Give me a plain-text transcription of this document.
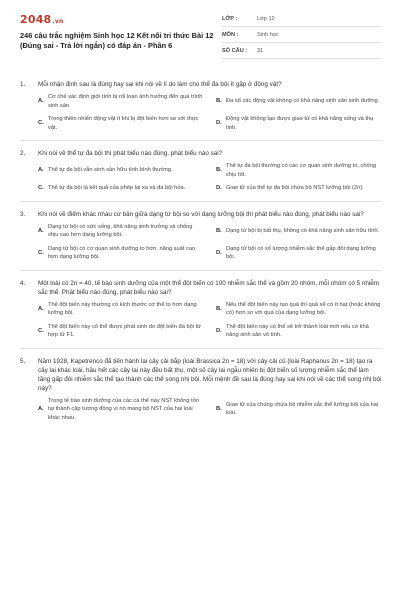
2048.vn
246 câu trắc nghiệm Sinh học 12 Kết nối tri thức Bài 12 (Đúng sai - Trả lời ngắn) có đáp án - Phần 6
LỚP :	Lớp 12
MÔN :	Sinh học
SỐ CÂU :	31
1.	Mỗi nhận định sau là đúng hay sai khi nói về lí do làm cho thể đa bội ít gặp ở động vật?
A.
Cơ chế xác định giới tính bị rối loạn ảnh hưởng đến quá trình sinh sản.
B. Đa số các động vật không có khả năng sinh sản sinh dưỡng.
C.
Trong thiên nhiên động vật ít khi bị đột biến hơn so với thực vật.
D.
Động vật không tạo được giao tử có khả năng sống và thụ tinh.
2.	Khi nói về thể tự đa bội thì phát biểu nào đúng, phát biểu nào sai?
A. Thể tự đa bội vẫn sinh sản hữu tính bình thường.	B.
Thể tự đa bội thường có các cơ quan sinh dưỡng to, chống chịu tốt.
C. Thể tự đa bội là kết quả của phép lai xa và đa bội hóa.	D. Giao tử của thể tự đa bội chứa bộ NST lưỡng bội (2n).
3.	Khi nói về điểm khác nhau cơ bản giữa dạng tứ bội so với dạng lưỡng bội thì phát biểu nào đúng, phát biểu nào sai?
A.
Dạng tứ bội có sức sống, khả năng sinh trưởng và chống chịu cao hơn dạng lưỡng bội.
B. Dạng tứ bội bị bất thụ, không có khả năng sinh sản hữu tính.
C.
Dạng tứ bội có cơ quan sinh dưỡng to hơn, năng suất cao hơn dạng lưỡng bội.
D.
Dạng tứ bội có số lượng nhiễm sắc thể gấp đôi dạng lưỡng bội.
4.	Một loài có 2n = 40, tế bào sinh dưỡng của một thể đột biến có 100 nhiễm sắc thể và gồm 20 nhóm, mỗi nhóm có 5 nhiễm sắc thể. Phát biểu nào đúng, phát biểu nào sai?
A.
Thể đột biến này thường có kích thước cơ thể to hơn dạng lưỡng bội.
B.
Nếu thể đột biến này tạo quả thì quả sẽ có ít hạt (hoặc không có) hơn so với quả của dạng lưỡng bội.
C.
Thể đột biến này có thể được phát sinh do đột biến đa bội từ hợp tử F1.
D.
Thể đột biến này có thể sẽ trở thành loài mới nếu có khả năng sinh sản vô tính.
5.	Năm 1928, Kapetrenco đã tiến hành lai cây cải bắp (loài Brassica 2n = 18) với cây cải củ (loài Raphanus 2n = 18) tạo ra cây lai khác loài, hầu hết các cây lai này đều bất thụ, một số cây lai ngẫu nhiên bị đột biến số lượng nhiễm sắc thể làm tăng gấp đôi nhiễm sắc thể tạo thành các thể song nhị bội. Mỗi mệnh đề sau là đúng hay sai khi nói về các thể song nhị bội này?
A.
Trong tế bào sinh dưỡng của các cá thể này NST không tồn tại thành cặp tương đồng vì nó mang bộ NST của hai loài khác nhau.
B.
Giao tử của chúng chứa bộ nhiễm sắc thể lưỡng bội của hai loài.
